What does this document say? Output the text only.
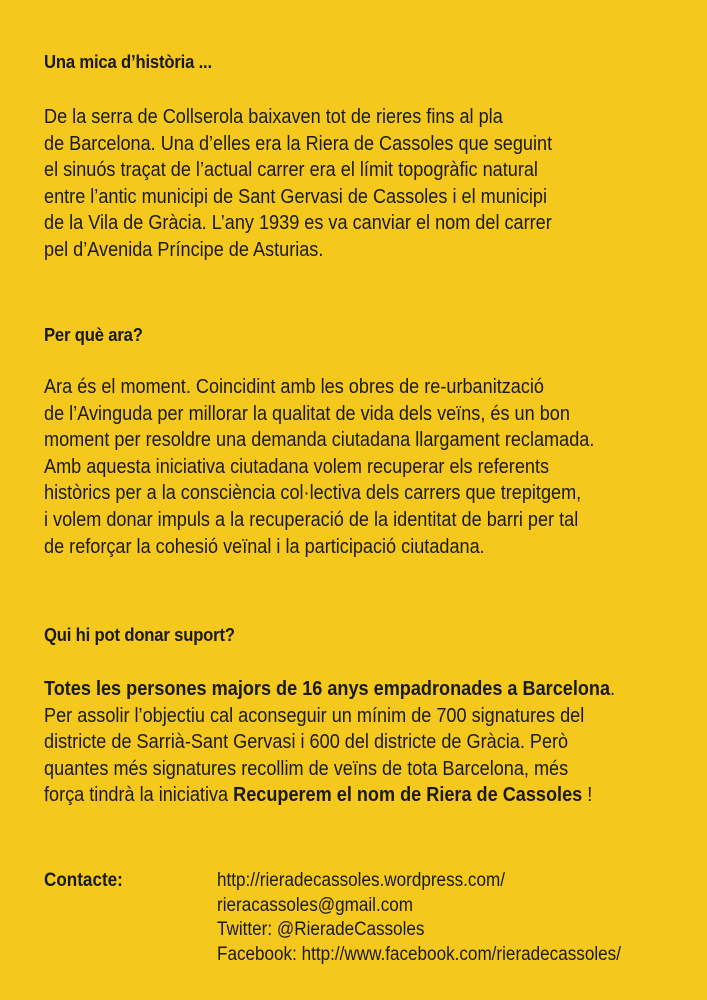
Una mica d’història ...
De la serra de Collserola baixaven tot de rieres fins al pla
de Barcelona. Una d’elles era la Riera de Cassoles que seguint
el sinuós traçat de l’actual carrer era el límit topogràfic natural
entre l’antic municipi de Sant Gervasi de Cassoles i el municipi
de la Vila de Gràcia. L’any 1939 es va canviar el nom del carrer
pel d’Avenida Príncipe de Asturias.
Per què ara?
Ara és el moment. Coincidint amb les obres de re-urbanització
de l’Avinguda per millorar la qualitat de vida dels veïns, és un bon
moment per resoldre una demanda ciutadana llargament reclamada.
Amb aquesta iniciativa ciutadana volem recuperar els referents
històrics per a la consciència col·lectiva dels carrers que trepitgem,
i volem donar impuls a la recuperació de la identitat de barri per tal
de reforçar la cohesió veïnal i la participació ciutadana.
Qui hi pot donar suport?
Totes les persones majors de 16 anys empadronades a Barcelona.
Per assolir l’objectiu cal aconseguir un mínim de 700 signatures del
districte de Sarrià-Sant Gervasi i 600 del districte de Gràcia. Però
quantes més signatures recollim de veïns de tota Barcelona, més
força tindrà la iniciativa Recuperem el nom de Riera de Cassoles !
Contacte:	http://rieradecassoles.wordpress.com/
rieracassoles@gmail.com
Twitter: @RieradeCassoles
Facebook: http://www.facebook.com/rieradecassoles/
